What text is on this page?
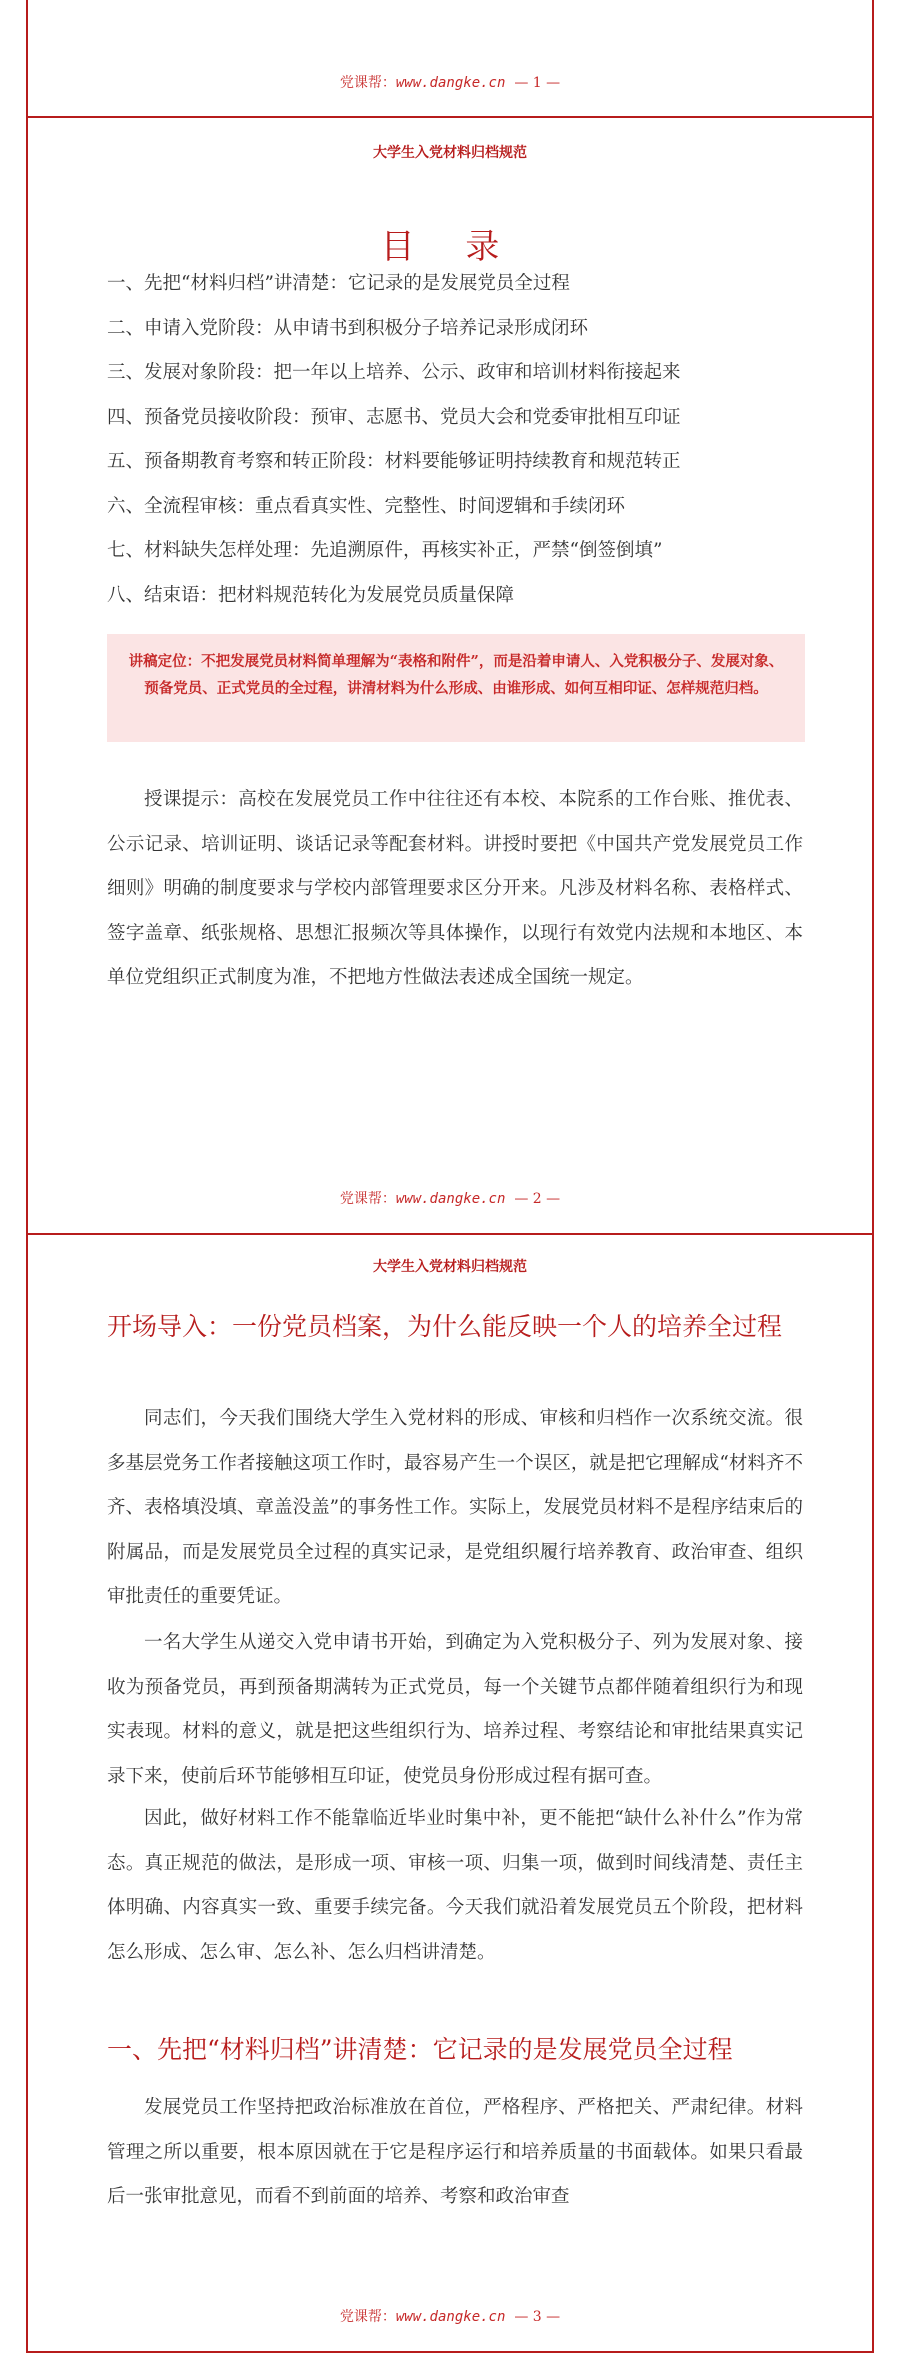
党课帮：www.dangke.cn — 1 —
大学生入党材料归档规范
目 录
一、先把“材料归档”讲清楚：它记录的是发展党员全过程
二、申请入党阶段：从申请书到积极分子培养记录形成闭环
三、发展对象阶段：把一年以上培养、公示、政审和培训材料衔接起来
四、预备党员接收阶段：预审、志愿书、党员大会和党委审批相互印证
五、预备期教育考察和转正阶段：材料要能够证明持续教育和规范转正
六、全流程审核：重点看真实性、完整性、时间逻辑和手续闭环
七、材料缺失怎样处理：先追溯原件，再核实补正，严禁“倒签倒填”
八、结束语：把材料规范转化为发展党员质量保障
讲稿定位：不把发展党员材料简单理解为“表格和附件”，而是沿着申请人、入党积极分子、发展对象、预备党员、正式党员的全过程，讲清材料为什么形成、由谁形成、如何互相印证、怎样规范归档。

授课提示：高校在发展党员工作中往往还有本校、本院系的工作台账、推优表、公示记录、培训证明、谈话记录等配套材料。讲授时要把《中国共产党发展党员工作细则》明确的制度要求与学校内部管理要求区分开来。凡涉及材料名称、表格样式、签字盖章、纸张规格、思想汇报频次等具体操作，以现行有效党内法规和本地区、本单位党组织正式制度为准，不把地方性做法表述成全国统一规定。

党课帮：www.dangke.cn — 2 —
大学生入党材料归档规范
开场导入：一份党员档案，为什么能反映一个人的培养全过程

同志们，今天我们围绕大学生入党材料的形成、审核和归档作一次系统交流。很多基层党务工作者接触这项工作时，最容易产生一个误区，就是把它理解成“材料齐不齐、表格填没填、章盖没盖”的事务性工作。实际上，发展党员材料不是程序结束后的附属品，而是发展党员全过程的真实记录，是党组织履行培养教育、政治审查、组织审批责任的重要凭证。

一名大学生从递交入党申请书开始，到确定为入党积极分子、列为发展对象、接收为预备党员，再到预备期满转为正式党员，每一个关键节点都伴随着组织行为和现实表现。材料的意义，就是把这些组织行为、培养过程、考察结论和审批结果真实记录下来，使前后环节能够相互印证，使党员身份形成过程有据可查。

因此，做好材料工作不能靠临近毕业时集中补，更不能把“缺什么补什么”作为常态。真正规范的做法，是形成一项、审核一项、归集一项，做到时间线清楚、责任主体明确、内容真实一致、重要手续完备。今天我们就沿着发展党员五个阶段，把材料怎么形成、怎么审、怎么补、怎么归档讲清楚。

一、先把“材料归档”讲清楚：它记录的是发展党员全过程

发展党员工作坚持把政治标准放在首位，严格程序、严格把关、严肃纪律。材料管理之所以重要，根本原因就在于它是程序运行和培养质量的书面载体。如果只看最后一张审批意见，而看不到前面的培养、考察和政治审查

党课帮：www.dangke.cn — 3 —
